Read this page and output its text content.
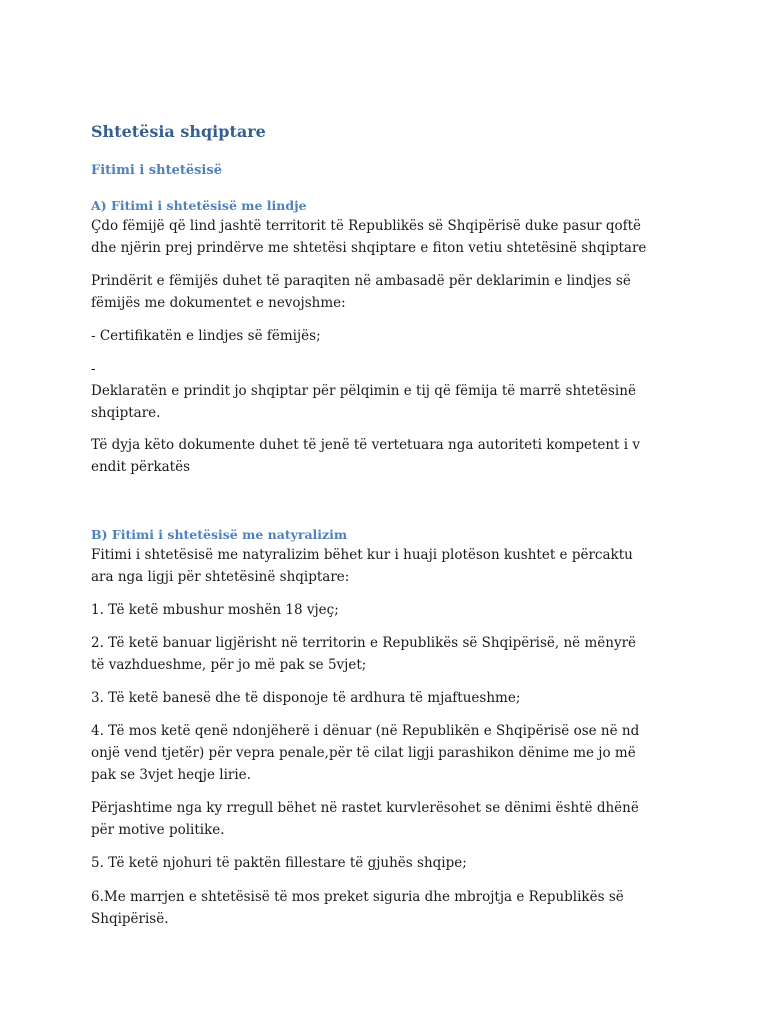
Shtetësia shqiptare
Fitimi i shtetësisë
A) Fitimi i shtetësisë me lindje

Çdo fëmijë që lind jashtë territorit të Republikës së Shqipërisë duke pasur qoftë
dhe njërin prej prindërve me shtetësi shqiptare e fiton vetiu shtetësinë shqiptare

Prindërit e fëmijës duhet të paraqiten në ambasadë për deklarimin e lindjes së
fëmijës me dokumentet e nevojshme:

- Certifikatën e lindjes së fëmijës;

-
Deklaratën e prindit jo shqiptar për pëlqimin e tij që fëmija të marrë shtetësinë
shqiptare.

Të dyja këto dokumente duhet të jenë të vertetuara nga autoriteti kompetent i v
endit përkatës

B) Fitimi i shtetësisë me natyralizim

Fitimi i shtetësisë me natyralizim bëhet kur i huaji plotëson kushtet e përcaktu
ara nga ligji për shtetësinë shqiptare:

1. Të ketë mbushur moshën 18 vjeç;

2. Të ketë banuar ligjërisht në territorin e Republikës së Shqipërisë, në mënyrë
të vazhdueshme, për jo më pak se 5vjet;

3. Të ketë banesë dhe të disponoje të ardhura të mjaftueshme;

4. Të mos ketë qenë ndonjëherë i dënuar (në Republikën e Shqipërisë ose në nd
onjë vend tjetër) për vepra penale,për të cilat ligji parashikon dënime me jo më
pak se 3vjet heqje lirie.

Përjashtime nga ky rregull bëhet në rastet kurvlerësohet se dënimi është dhënë
për motive politike.

5. Të ketë njohuri të paktën fillestare të gjuhës shqipe;

6.Me marrjen e shtetësisë të mos preket siguria dhe mbrojtja e Republikës së
Shqipërisë.
